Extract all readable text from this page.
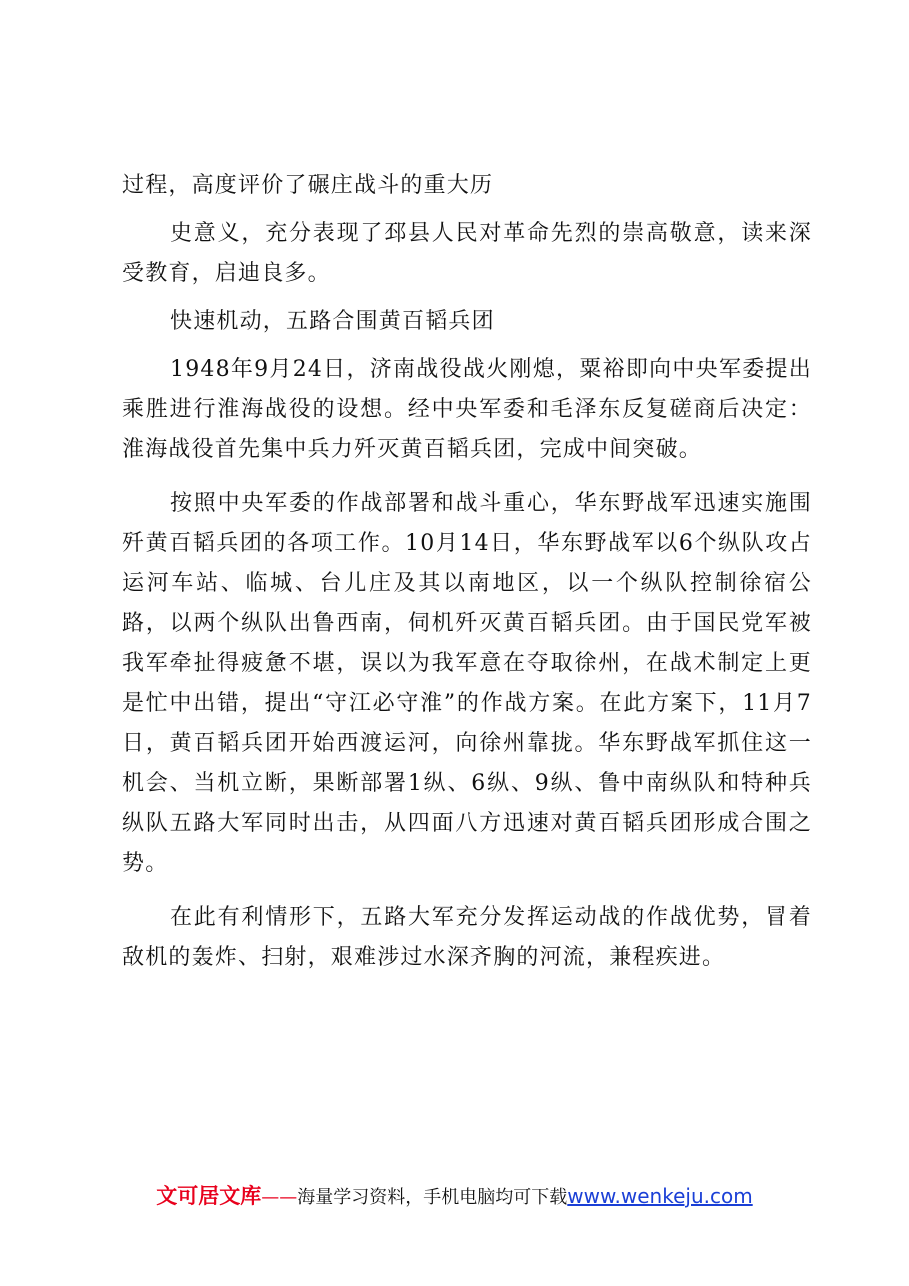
过程，高度评价了碾庄战斗的重大历

史意义，充分表现了邳县人民对革命先烈的崇高敬意，读来深受教育，启迪良多。

快速机动，五路合围黄百韬兵团

1948年9月24日，济南战役战火刚熄，粟裕即向中央军委提出乘胜进行淮海战役的设想。经中央军委和毛泽东反复磋商后决定：淮海战役首先集中兵力歼灭黄百韬兵团，完成中间突破。

按照中央军委的作战部署和战斗重心，华东野战军迅速实施围歼黄百韬兵团的各项工作。10月14日，华东野战军以6个纵队攻占运河车站、临城、台儿庄及其以南地区，以一个纵队控制徐宿公路，以两个纵队出鲁西南，伺机歼灭黄百韬兵团。由于国民党军被我军牵扯得疲惫不堪，误以为我军意在夺取徐州，在战术制定上更是忙中出错，提出“守江必守淮”的作战方案。在此方案下，11月7日，黄百韬兵团开始西渡运河，向徐州靠拢。华东野战军抓住这一机会、当机立断，果断部署1纵、6纵、9纵、鲁中南纵队和特种兵纵队五路大军同时出击，从四面八方迅速对黄百韬兵团形成合围之势。

在此有利情形下，五路大军充分发挥运动战的作战优势，冒着敌机的轰炸、扫射，艰难涉过水深齐胸的河流，兼程疾进。

文可居文库——海量学习资料，手机电脑均可下载www.wenkeju.com
